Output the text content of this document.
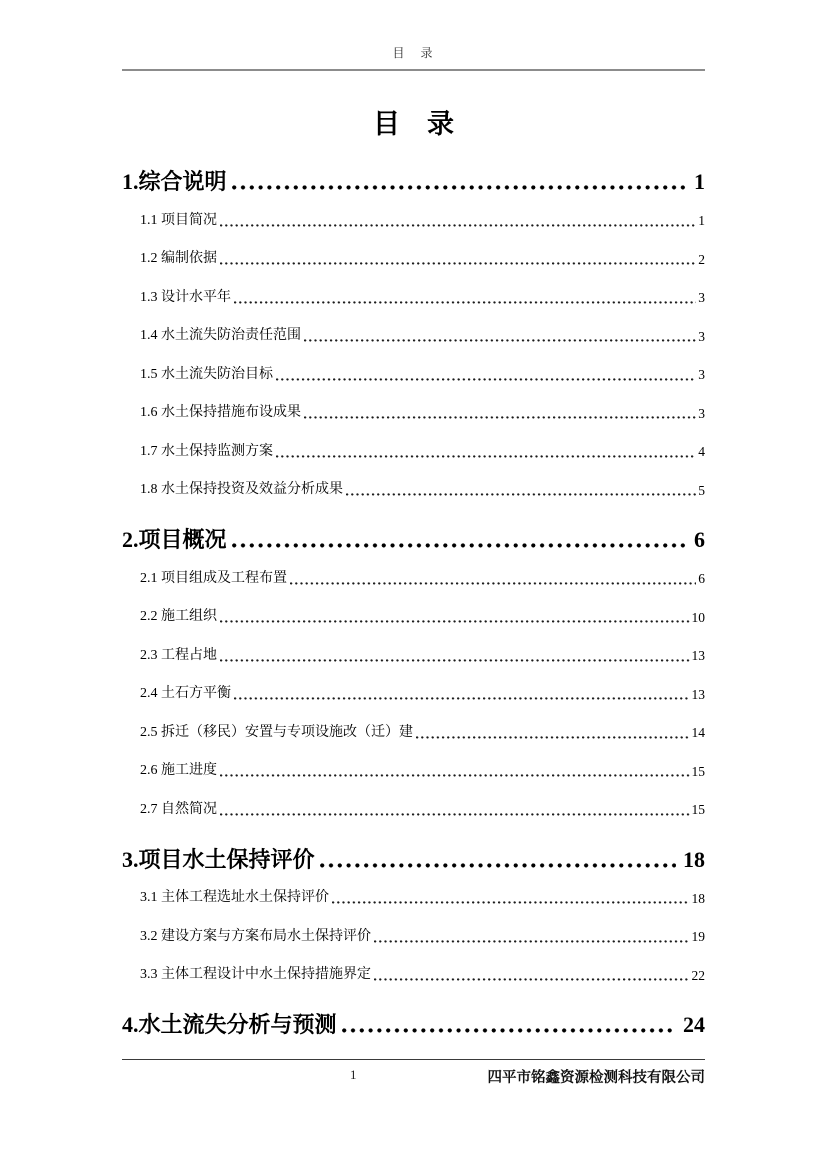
目　录
目　录
1.综合说明	1
1.1 项目简况	1
1.2 编制依据	2
1.3 设计水平年	3
1.4 水土流失防治责任范围	3
1.5 水土流失防治目标	3
1.6 水土保持措施布设成果	3
1.7 水土保持监测方案	4
1.8 水土保持投资及效益分析成果	5
2.项目概况	6
2.1 项目组成及工程布置	6
2.2 施工组织	10
2.3 工程占地	13
2.4 土石方平衡	13
2.5 拆迁（移民）安置与专项设施改（迁）建	14
2.6 施工进度	15
2.7 自然简况	15
3.项目水土保持评价	18
3.1 主体工程选址水土保持评价	18
3.2 建设方案与方案布局水土保持评价	19
3.3 主体工程设计中水土保持措施界定	22
4.水土流失分析与预测	24
1	四平市铭鑫资源检测科技有限公司
